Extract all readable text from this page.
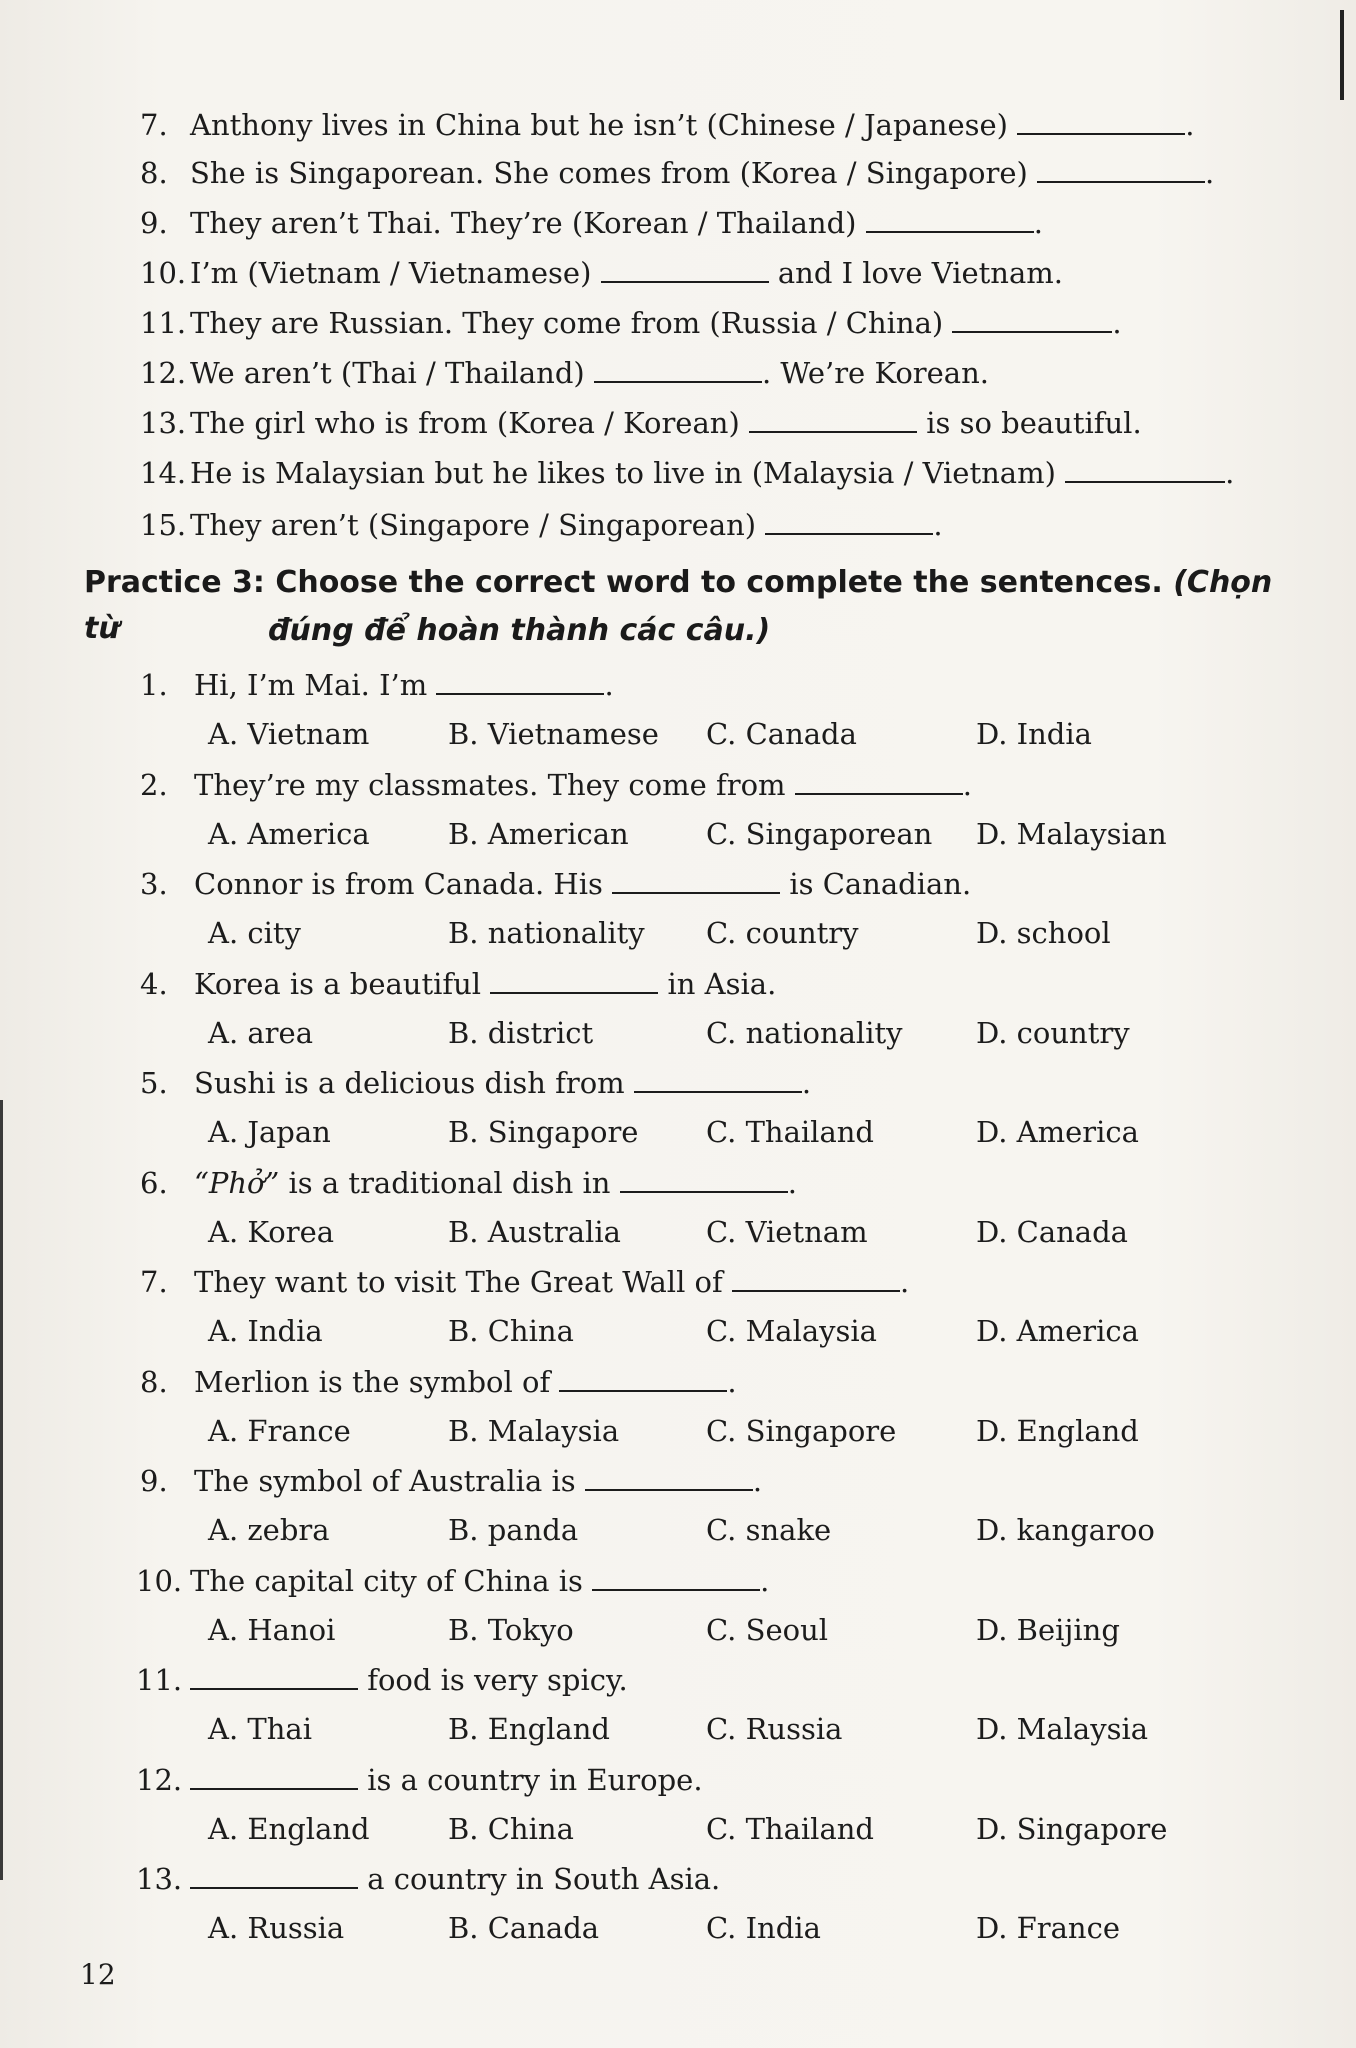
7. Anthony lives in China but he isn’t (Chinese / Japanese)	.
8. She is Singaporean. She comes from (Korea / Singapore)	.
9. They aren’t Thai. They’re (Korean / Thailand)	.
10. I’m (Vietnam / Vietnamese)	and I love Vietnam.
11. They are Russian. They come from (Russia / China)	.
12. We aren’t (Thai / Thailand)	. We’re Korean.
13. The girl who is from (Korea / Korean)	is so beautiful.
14. He is Malaysian but he likes to live in (Malaysia / Vietnam)	.
15. They aren’t (Singapore / Singaporean)	.
Practice 3: Choose the correct word to complete the sentences. (Chọn từ	đúng để hoàn thành các câu.)
1. Hi, I’m Mai. I’m	.
A. Vietnam	B. Vietnamese C. Canada	D. India
2. They’re my classmates. They come from	.
A. America	B. American	C. Singaporean D. Malaysian
3. Connor is from Canada. His	is Canadian.
A. city	B. nationality C. country	D. school
4. Korea is a beautiful	in Asia.
A. area	B. district	C. nationality	D. country
5. Sushi is a delicious dish from	.
A. Japan	B. Singapore C. Thailand	D. America
6. “Phở” is a traditional dish in	.
A. Korea	B. Australia	C. Vietnam	D. Canada
7. They want to visit The Great Wall of	.
A. India	B. China	C. Malaysia	D. America
8. Merlion is the symbol of	.
A. France	B. Malaysia	C. Singapore	D. England
9. The symbol of Australia is	.
A. zebra	B. panda	C. snake	D. kangaroo
10. The capital city of China is	.
A. Hanoi	B. Tokyo	C. Seoul	D. Beijing
11.	food is very spicy.
A. Thai	B. England	C. Russia	D. Malaysia
12.	is a country in Europe.
A. England	B. China	C. Thailand	D. Singapore
13.	a country in South Asia.
A. Russia	B. Canada	C. India	D. France
12
